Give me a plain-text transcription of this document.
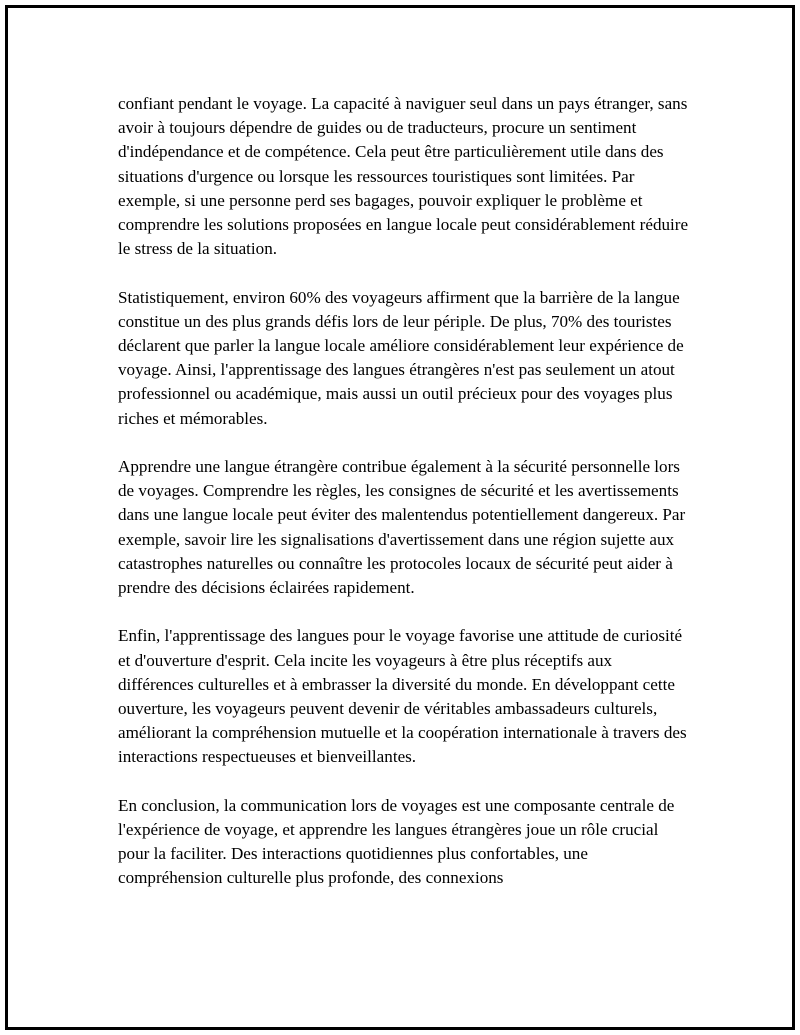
confiant pendant le voyage. La capacité à naviguer seul dans un pays étranger, sans avoir à toujours dépendre de guides ou de traducteurs, procure un sentiment d'indépendance et de compétence. Cela peut être particulièrement utile dans des situations d'urgence ou lorsque les ressources touristiques sont limitées. Par exemple, si une personne perd ses bagages, pouvoir expliquer le problème et comprendre les solutions proposées en langue locale peut considérablement réduire le stress de la situation.

Statistiquement, environ 60% des voyageurs affirment que la barrière de la langue constitue un des plus grands défis lors de leur périple. De plus, 70% des touristes déclarent que parler la langue locale améliore considérablement leur expérience de voyage. Ainsi, l'apprentissage des langues étrangères n'est pas seulement un atout professionnel ou académique, mais aussi un outil précieux pour des voyages plus riches et mémorables.

Apprendre une langue étrangère contribue également à la sécurité personnelle lors de voyages. Comprendre les règles, les consignes de sécurité et les avertissements dans une langue locale peut éviter des malentendus potentiellement dangereux. Par exemple, savoir lire les signalisations d'avertissement dans une région sujette aux catastrophes naturelles ou connaître les protocoles locaux de sécurité peut aider à prendre des décisions éclairées rapidement.

Enfin, l'apprentissage des langues pour le voyage favorise une attitude de curiosité et d'ouverture d'esprit. Cela incite les voyageurs à être plus réceptifs aux différences culturelles et à embrasser la diversité du monde. En développant cette ouverture, les voyageurs peuvent devenir de véritables ambassadeurs culturels, améliorant la compréhension mutuelle et la coopération internationale à travers des interactions respectueuses et bienveillantes.

En conclusion, la communication lors de voyages est une composante centrale de l'expérience de voyage, et apprendre les langues étrangères joue un rôle crucial pour la faciliter. Des interactions quotidiennes plus confortables, une compréhension culturelle plus profonde, des connexions
